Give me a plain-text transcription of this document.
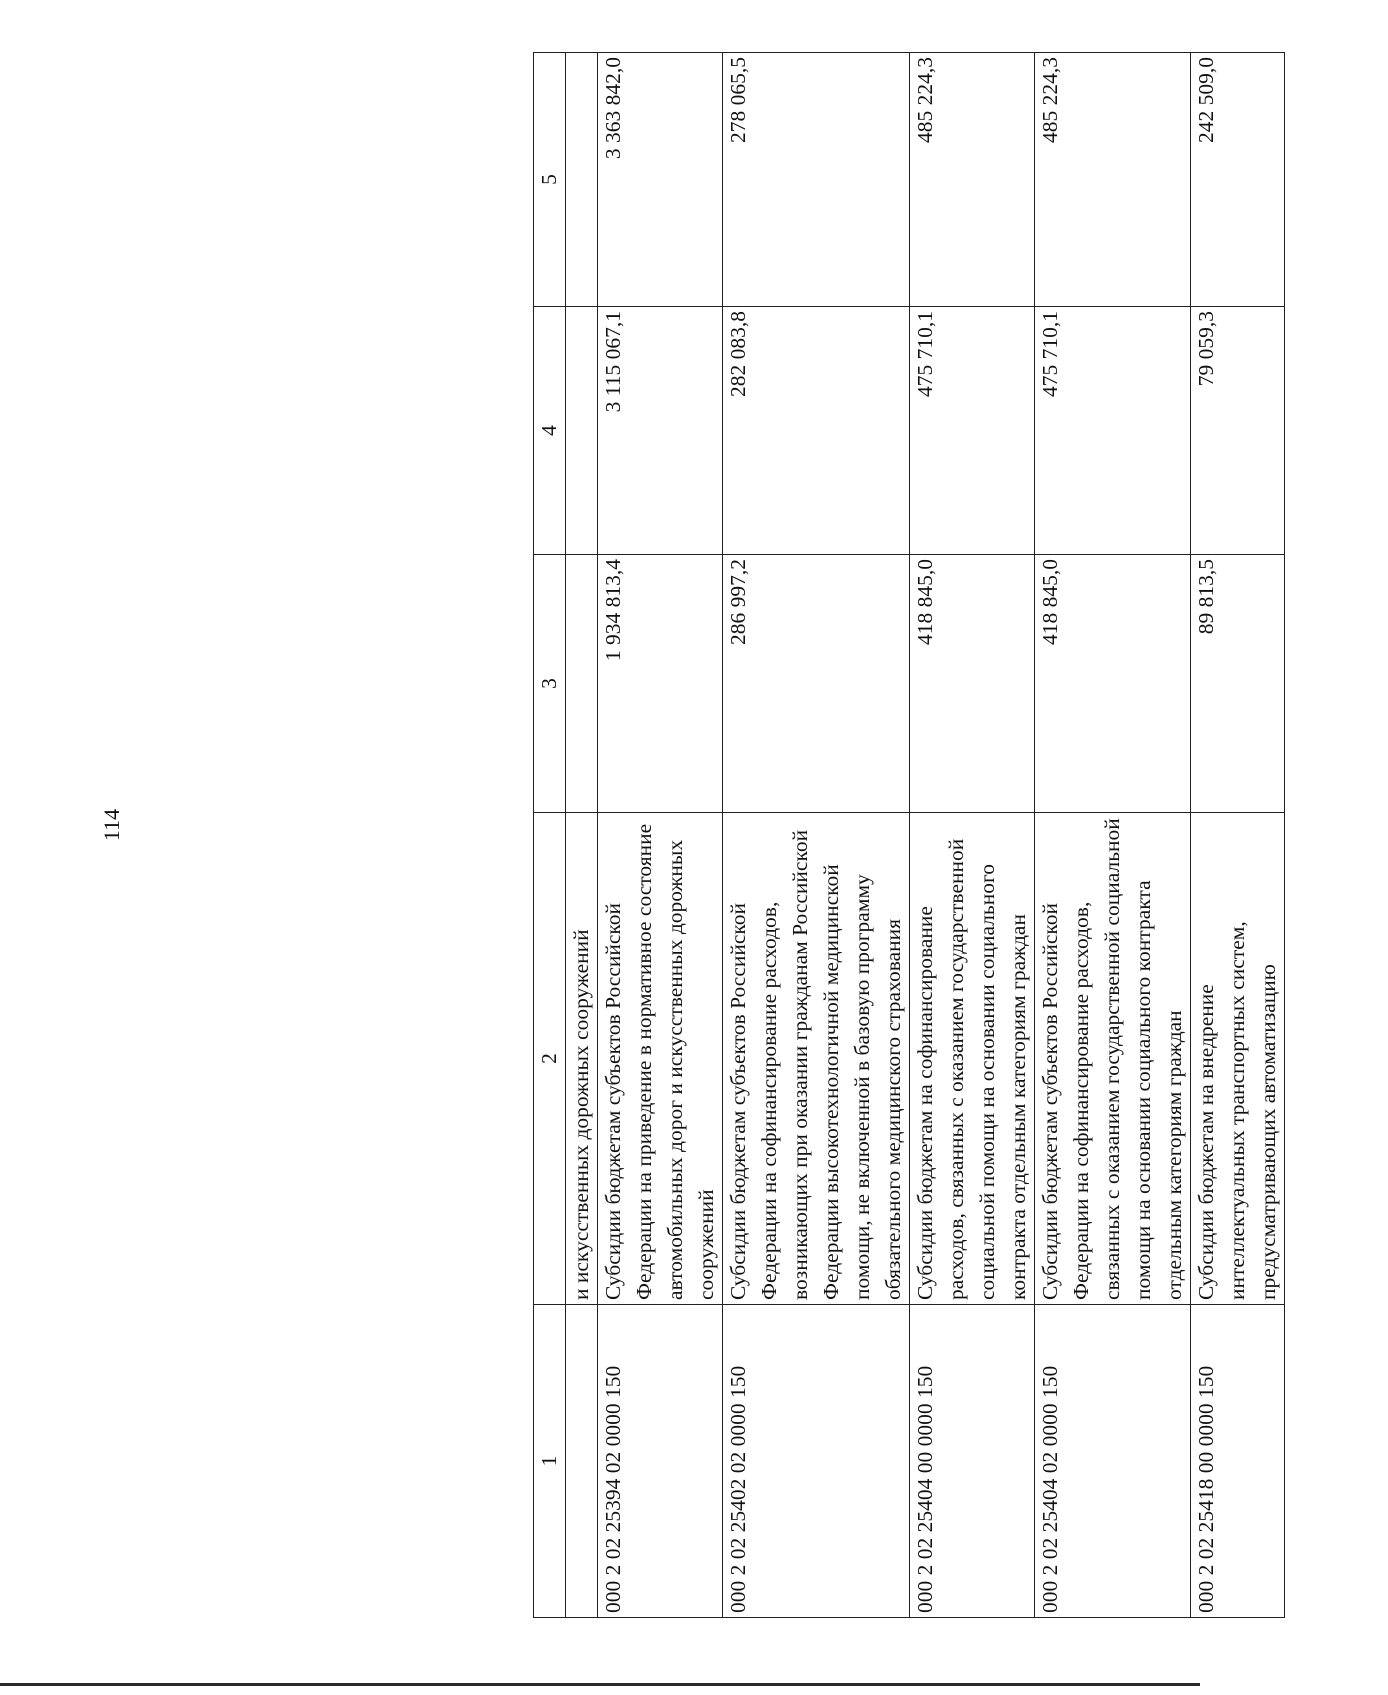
114
1	2	3	4	5
	и искусственных дорожных сооружений			
000 2 02 25394 02 0000 150	Субсидии бюджетам субъектов Российской Федерации на приведение в нормативное состояние автомобильных дорог и искусственных дорожных сооружений	1 934 813,4	3 115 067,1	3 363 842,0
000 2 02 25402 02 0000 150	Субсидии бюджетам субъектов Российской Федерации на софинансирование расходов, возникающих при оказании гражданам Российской Федерации высокотехнологичной медицинской помощи, не включенной в базовую программу обязательного медицинского страхования	286 997,2	282 083,8	278 065,5
000 2 02 25404 00 0000 150	Субсидии бюджетам на софинансирование расходов, связанных с оказанием государственной социальной помощи на основании социального контракта отдельным категориям граждан	418 845,0	475 710,1	485 224,3
000 2 02 25404 02 0000 150	Субсидии бюджетам субъектов Российской Федерации на софинансирование расходов, связанных с оказанием государственной социальной помощи на основании социального контракта отдельным категориям граждан	418 845,0	475 710,1	485 224,3
000 2 02 25418 00 0000 150	Субсидии бюджетам на внедрение интеллектуальных транспортных систем, предусматривающих автоматизацию	89 813,5	79 059,3	242 509,0
